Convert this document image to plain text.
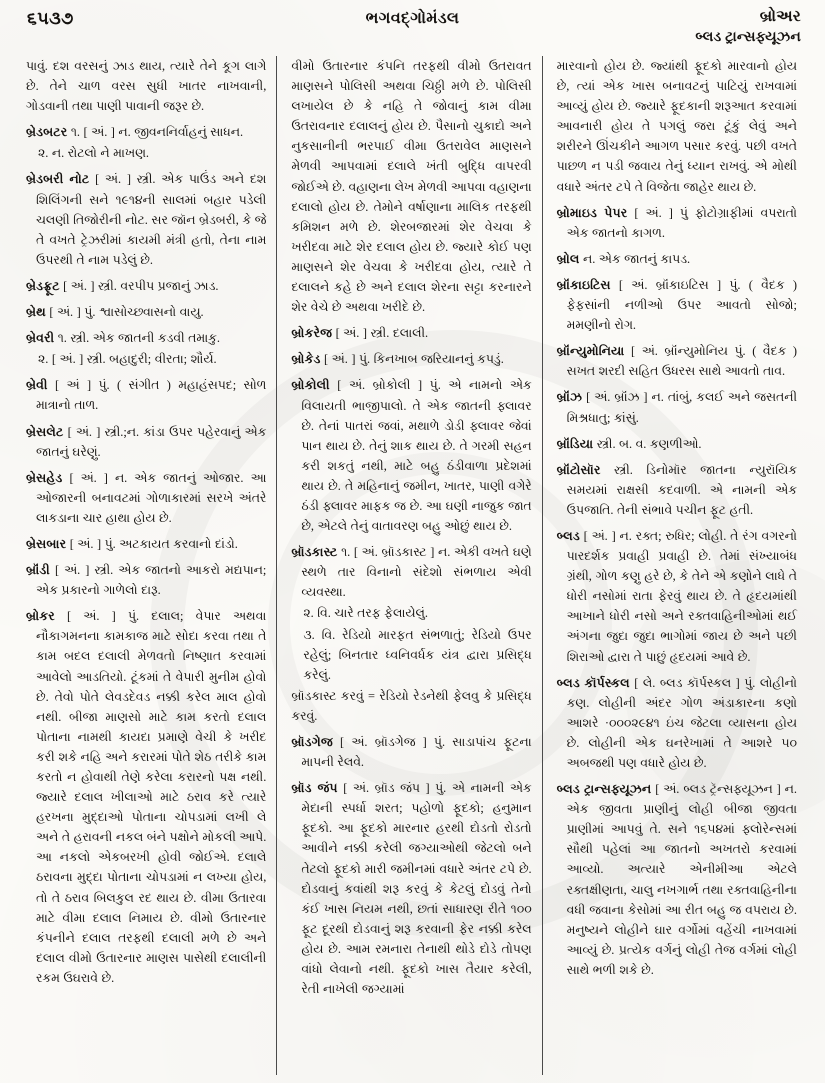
૬૫૩૭	ભગવદ્ગોમંડલ	બ્રોઅર
બ્લડ ટ્રાન્સફ્યૂઝન

પાવું. દશ વરસનું ઝાડ થાય, ત્યારે તેને કૂગ લાગે છે. તેને ચાળ વરસ સુધી ખાતર નાખવાની, ગોડવાની તથા પાણી પાવાની જરૂર છે.

બ્રેડબટર ૧. [ અં. ] ન. જીવનનિર્વાહનું સાધન.

૨. ન. રોટલો ને માખણ.

બ્રેડબરી નોટ [ અં. ] સ્ત્રી. એક પાઉંડ અને દશ શિલિંગની સને ૧૯૧૪ની સાલમાં બહાર પડેલી ચલણી તિજોરીની નોટ. સર જૉન બ્રેડબરી, કે જે તે વખતે ટ્રેઝરીમાં કાયમી મંત્રી હતો, તેના નામ ઉપરથી તે નામ પડેલું છે.

બ્રેડફ્રૂટ [ અં. ] સ્ત્રી. વરપીપ પ્રજાનું ઝાડ.

બ્રેથ [ અં. ] પું. શ્વાસોચ્છ્વાસનો વાયુ.

બ્રેવરી ૧. સ્ત્રી. એક જાતની કડવી તમાકુ.

૨. [ અં. ] સ્ત્રી. બહાદુરી; વીરતા; શૌર્ય.

બ્રેવી [ અં ] પું. ( સંગીત ) મહાહંસપદ; સોળ માત્રાનો તાળ.

બ્રેસલેટ [ અં. ] સ્ત્રી.;ન. કાંડા ઉપર પહેરવાનું એક જાતનું ઘરેણું.

બ્રેસહેડ [ અં. ] ન. એક જાતનું ઓજાર. આ ઓજારની બનાવટમાં ગોળાકારમાં સરખે અંતરે લાકડાના ચાર હાથા હોય છે.

બ્રેસબાર [ અં. ] પું. અટકાયત કરવાનો દાંડો.

બ્રૉંડી [ અં. ] સ્ત્રી. એક જાતનો આકરો મદ્યપાન; એક પ્રકારનો ગાળેલો દારૂ.

બ્રોકર [ અં. ] પું. દલાલ; વેપાર અથવા નૌકાગમનના કામકાજ માટે સોદા કરવા તથા તે કામ બદલ દલાલી મેળવતો નિષ્ણાત કરવામાં આવેલો આડતિયો. ટૂંકમાં તે વેપારી મુનીમ હોવો છે. તેવો પોતે લેવડદેવડ નક્કી કરેલ માલ હોવો નથી. બીજા માણસો માટે કામ કરતો દલાલ પોતાના નામથી કાયદા પ્રમાણે વેચી કે ખરીદ કરી શકે નહિ અને કરારમાં પોતે શેઠ તરીકે કામ કરતો ન હોવાથી તેણે કરેલા કરારનો પક્ષ નથી. જ્યારે દલાલ ખીલાઓ માટે ઠરાવ કરે ત્યારે હરખના મુદ્દાઓ પોતાના ચોપડામાં લખી લે અને તે હરાવની નકલ બંને પક્ષોને મોકલી આપે. આ નકલો એકબરખી હોવી જોઈએ. દલાલે ઠરાવના મુદ્દા પોતાના ચોપડામાં ન લખ્યા હોય, તો તે ઠરાવ બિલકુલ રદ થાય છે. વીમા ઉતારવા માટે વીમા દલાલ નિમાય છે. વીમો ઉતારનાર કંપનીને દલાલ તરફથી દલાલી મળે છે અને દલાલ વીમો ઉતારનાર માણસ પાસેથી દલાલીની રકમ ઉઘરાવે છે.

વીમો ઉતારનાર કંપનિ તરફથી વીમો ઉતરાવત માણસને પોલિસી અથવા ચિઠ્ઠી મળે છે. પોલિસી લખાયેલ છે કે નહિ તે જોવાનું કામ વીમા ઉતરાવનાર દલાલનું હોય છે. પૈસાનો ચુકાદો અને નુકસાનીની ભરપાઈ વીમા ઉતરાવેલ માણસને મેળવી આપવામાં દલાલે ખંતી બુદ્ધિ વાપરવી જોઈએ છે. વહાણના લેખ મેળવી આપવા વહાણના દલાલો હોય છે. તેમોને વર્ષાણાના માલિક તરફથી કમિશન મળે છે. શેરબજારમાં શેર વેચવા કે ખરીદવા માટે શેર દલાલ હોય છે. જ્યારે કોઈ પણ માણસને શેર વેચવા કે ખરીદવા હોય, ત્યારે તે દલાલને કહે છે અને દલાલ શેરના સટ્ટા કરનારને શેર વેચે છે અથવા ખરીદે છે.

બ્રોકરેજ [ અં. ] સ્ત્રી. દલાલી.

બ્રોકેડ [ અં. ] પું. કિનખાબ જરિયાનનું કપડું.

બ્રોકોલી [ અં. બ્રોકોલી ] પું. એ નામનો એક વિલાયતી ભાજીપાલો. તે એક જાતની ફ્લાવર છે. તેનાં પાતરાં જવાં, મથાળે ડોડી ફ્લાવર જેવાં પાન થાય છે. તેનું શાક થાય છે. તે ગરમી સહન કરી શકતું નથી, માટે બહુ ઠંડીવાળા પ્રદેશમાં થાય છે. તે મહિનાનું જમીન, ખાતર, પાણી વગેરે ઠંડી ફ્લાવર માફક જ છે. આ ઘણી નાજુક જાત છે, એટલે તેનું વાતાવરણ બહુ ઓછું થાય છે.

બ્રૉડકાસ્ટ ૧. [ અં. બ્રૉડકાસ્ટ ] ન. એકી વખતે ઘણે સ્થળે તાર વિનાનો સંદેશો સંભળાય એવી વ્યવસ્થા.

૨. વિ. ચારે તરફ ફેલાયેલું.

૩. વિ. રેડિયો મારફત સંભળાતું; રેડિયો ઉપર રહેલું; બિનતાર ધ્વનિવર્ધક યંત્ર દ્વારા પ્રસિદ્ધ કરેલું.

બ્રૉડકાસ્ટ કરવું = રેડિયો રેડનેથી ફેલવુ કે પ્રસિદ્ધ કરવું.

બ્રૉડગેજ [ અં. બ્રૉડગેજ ] પું. સાડાપાંચ ફૂટના માપની રેલવે.

બ્રૉડ જંપ [ અં. બ્રૉડ જંપ ] પું. એ નામની એક મેદાની સ્પર્ધા શરત; પહોળો ફૂદકો; હનુમાન ફૂદકો. આ ફૂદકો મારનાર હરથી દોડતો રોડતો આવીને નક્કી કરેલી જગ્યાઓથી જેટલો બને તેટલો ફૂદકો મારી જમીનમાં વધારે અંતર ટપે છે. દોડવાનું કવાંથી શરૂ કરવું કે કેટલું દોડવું તેનો કંઈ ખાસ નિયમ નથી, છતાં સાધારણ રીતે ૧૦૦ ફૂટ દૂરથી દોડવાનું શરૂ કરવાની ફેર નક્કી કરેલ હોય છે. આમ રમનારા તેનાથી થોડે દોડે તોપણ વાંધો લેવાનો નથી. ફૂદકો ખાસ તૈયાર કરેલી, રેતી નાખેલી જગ્યામાં

મારવાનો હોય છે. જ્યાંથી ફૂદકો મારવાનો હોય છે, ત્યાં એક ખાસ બનાવટનું પાટિયું રાખવામાં આવ્યું હોય છે. જ્યારે ફૂદકાની શરૂઆત કરવામાં આવનારી હોય તે પગલું જરા ટૂંકું લેવું અને શરીરને ઊંચકીને આગળ પસાર કરવું. પછી વખતે પાછળ ન પડી જવાય તેનું ધ્યાન રાખવું. એ મોથી વધારે અંતર ટપે તે વિજેતા જાહેર થાય છે.

બ્રોમાઇડ પેપર [ અં. ] પું ફોટોગ્રાફીમાં વપરાતો એક જાતનો કાગળ.

બ્રોલ ન. એક જાતનું કાપડ.

બ્રૉંકાઇટિસ [ અં. બ્રૉંકાઇટિસ ] પું. ( વૈદક ) ફેફસાંની નળીઓ ઉપર આવતો સોજો; મમણીનો રોગ.

બ્રૉંન્યુમોનિયા [ અં. બ્રૉંન્યુમોનિય પું. ( વૈદક ) સખત શરદી સહિત ઉધરસ સાથે આવતો તાવ.

બ્રૉંઝ [ અં. બ્રૉંઝ ] ન. તાંબું, કલઈ અને જસતની મિશ્રધાતુ; કાંસું.

બ્રૉંડિયા સ્ત્રી. બ. વ. કણળીઓ.

બ્રૉંટોસૉર સ્ત્રી. ડિનોમૉર જાતના ન્યુરૉયિક સમયમાં રાક્ષસી કદવાળી. એ નામની એક ઉપજાતિ. તેની સંભાવે પચીન ફૂટ હતી.

બ્લડ [ અં. ] ન. રક્ત; રુધિર; લોહી. તે રંગ વગરનો પારદર્શક પ્રવાહી પ્રવાહી છે. તેમાં સંખ્યાબંધ ગ્રંથી, ગોળ કણુ હરે છે, કે તેને એ કણોને લાધે તે ધોરી નસોમાં રાતા ફેરવું થાય છે. તે હૃદયમાંથી આખાને ધોરી નસો અને રક્તવાહિનીઓમાં થઈ અંગના જુદા જુદા ભાગોમાં જાય છે અને પછી શિરાઓ દ્વારા તે પાછું હૃદયમાં આવે છે.

બ્લડ કૉર્પસ્કલ [ લે. બ્લડ કૉર્પસ્કલ ] પું. લોહીનો કણ. લોહીની અંદર ગોળ અંડાકારના કણો આશરે ·૦૦૦૨૯૪૧ ઇંચ જેટલા વ્યાસના હોય છે. લોહીની એક ઘનરેખામાં તે આશરે ૫૦ અબજથી પણ વધારે હોય છે.

બ્લડ ટ્રાન્સફ્યૂઝન [ અં. બ્લડ ટ્રૅન્સફ્યૂઝન ] ન. એક જીવતા પ્રાણીનું લોહી બીજા જીવતા પ્રાણીમાં આપવું તે. સને ૧૬૫૪માં ફ્લોરેન્સમાં સૌથી પહેલાં આ જાતનો અખતરો કરવામાં આવ્યો. અત્યારે એનીમીઆ એટલે રક્તક્ષીણતા, ચાલુ નખગાર્ભ તથા રક્તવાહિનીના વધી જવાના કેસોમાં આ રીત બહુ જ વપરાય છે. મનુષ્યને લોહીને ઘાર વર્ગોમાં વહેંચી નાખવામાં આવ્યું છે. પ્રત્યેક વર્ગનું લોહી તેજ વર્ગમાં લોહી સાથે ભળી શકે છે.
